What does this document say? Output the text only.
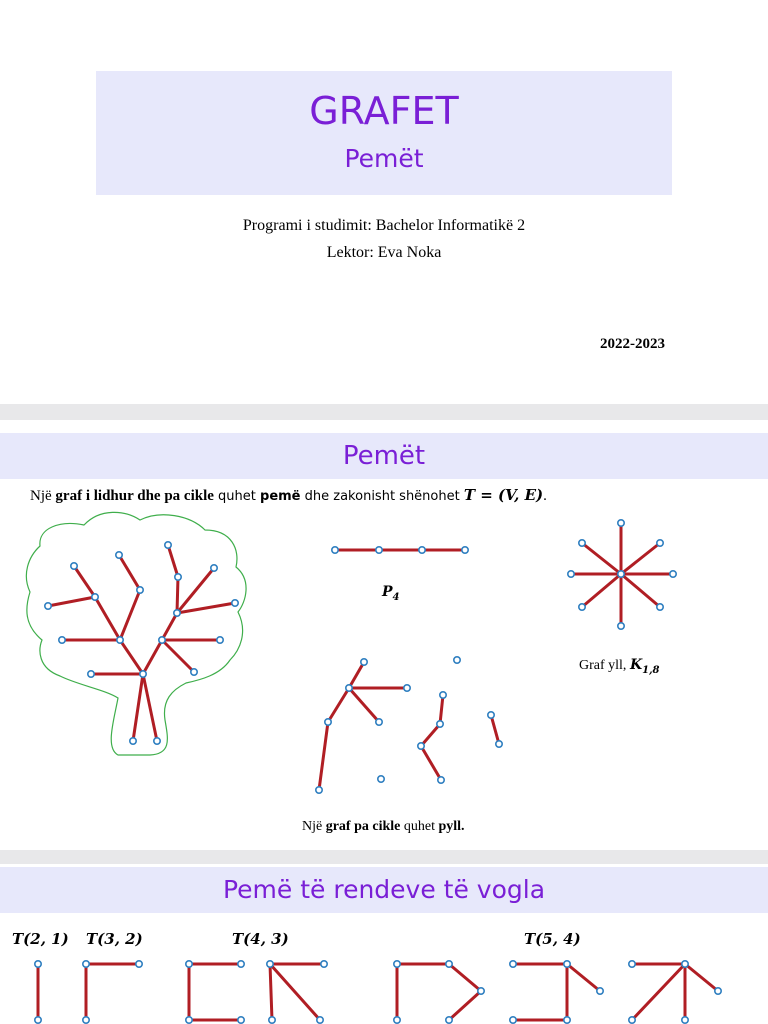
GRAFET
Pemët
Programi i studimit: Bachelor Informatikë 2
Lektor: Eva Noka
2022-2023
Pemët
Një graf i lidhur dhe pa cikle quhet pemë dhe zakonisht shënohet T = (V, E).
$P_4$
Graf yll, $K_{1,8}$
Një graf pa cikle quhet pyll.
Pemë të rendeve të vogla
T(2, 1) T(3, 2)	T(4, 3)	T(5, 4)
